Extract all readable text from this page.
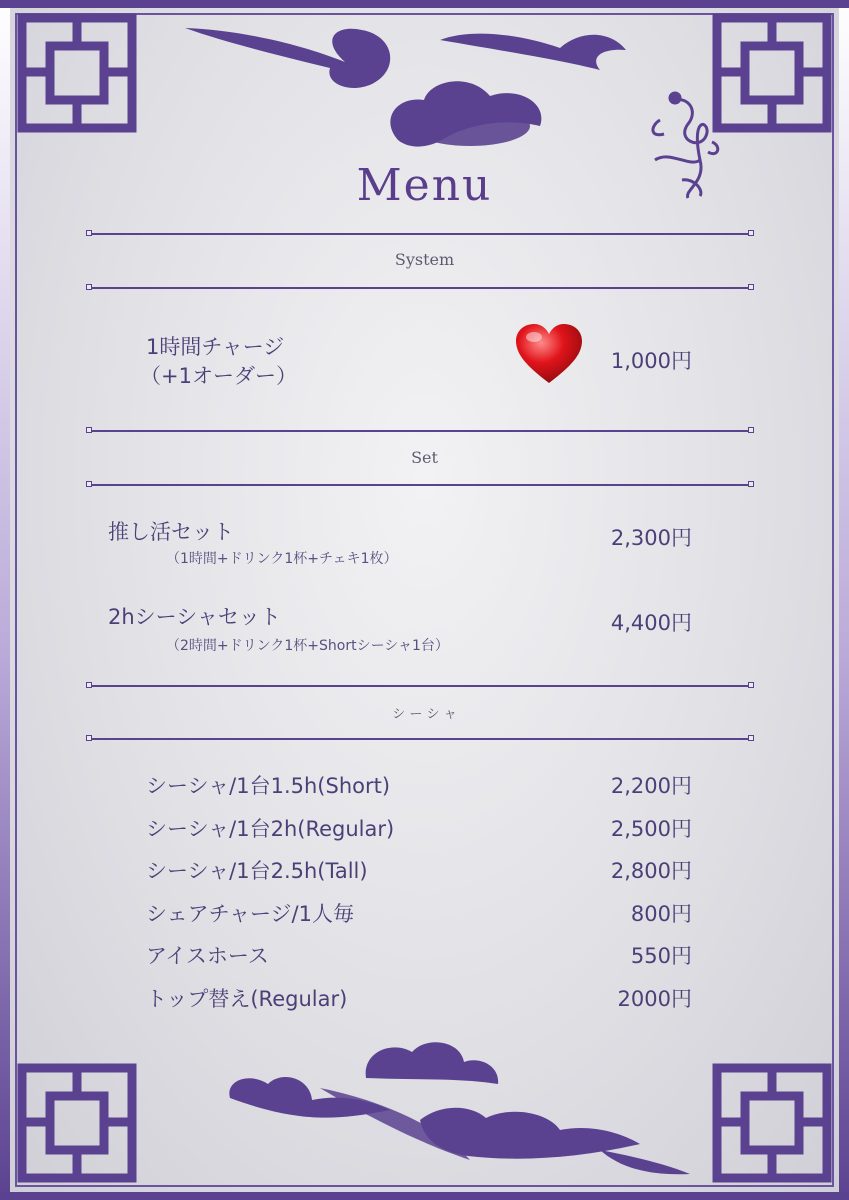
Menu
System
1時間チャージ
（+1オーダー）
1,000円
Set
推し活セット
（1時間+ドリンク1杯+チェキ1枚）
2,300円
2hシーシャセット
（2時間+ドリンク1杯+Shortシーシャ1台）
4,400円
シ ー シ ャ
シーシャ/1台1.5h(Short)	2,200円
シーシャ/1台2h(Regular)	2,500円
シーシャ/1台2.5h(Tall)	2,800円
シェアチャージ/1人毎	800円
アイスホース	550円
トップ替え(Regular)	2000円
